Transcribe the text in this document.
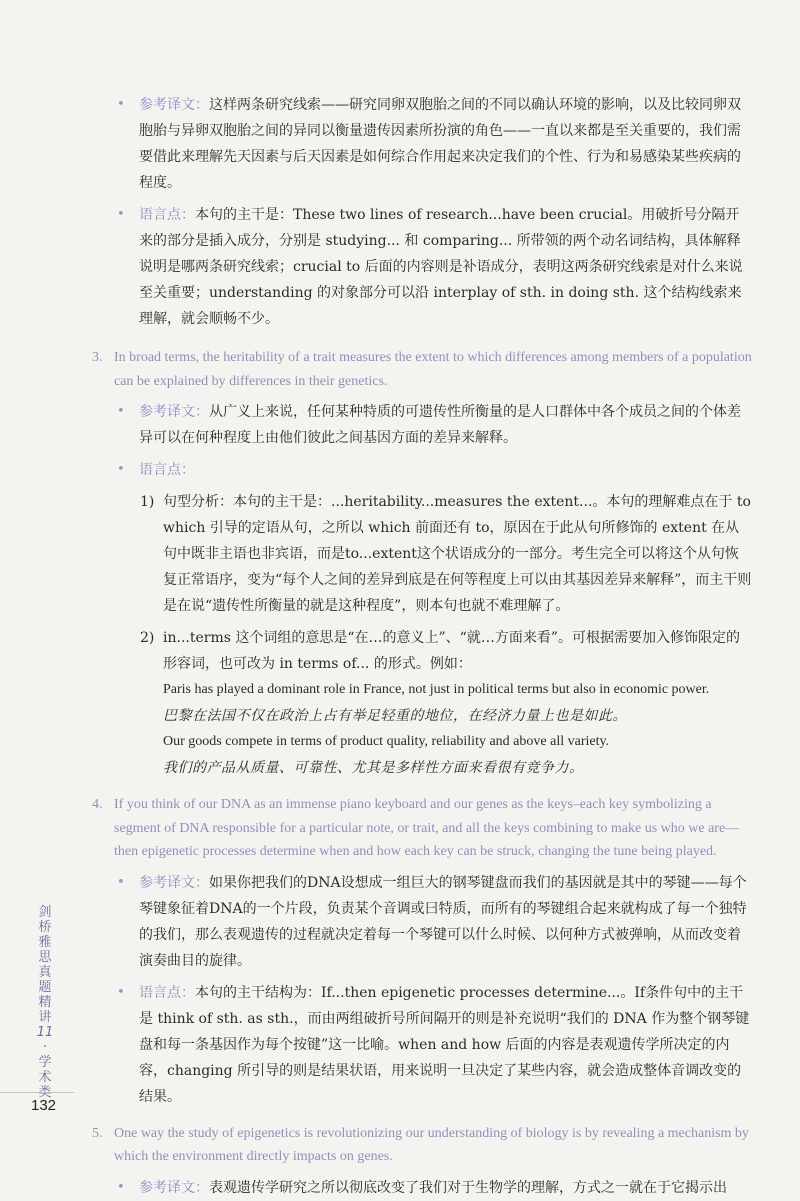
• 参考译文：这样两条研究线索——研究同卵双胞胎之间的不同以确认环境的影响，以及比较同卵双胞胎与异卵双胞胎之间的异同以衡量遗传因素所扮演的角色——一直以来都是至关重要的，我们需要借此来理解先天因素与后天因素是如何综合作用起来决定我们的个性、行为和易感染某些疾病的程度。
• 语言点：本句的主干是：These two lines of research...have been crucial。用破折号分隔开来的部分是插入成分，分别是 studying... 和 comparing... 所带领的两个动名词结构，具体解释说明是哪两条研究线索；crucial to 后面的内容则是补语成分，表明这两条研究线索是对什么来说至关重要；understanding 的对象部分可以沿 interplay of sth. in doing sth. 这个结构线索来理解，就会顺畅不少。
3. In broad terms, the heritability of a trait measures the extent to which differences among members of a population can be explained by differences in their genetics.
• 参考译文：从广义上来说，任何某种特质的可遗传性所衡量的是人口群体中各个成员之间的个体差异可以在何种程度上由他们彼此之间基因方面的差异来解释。
• 语言点：
1) 句型分析：本句的主干是：...heritability...measures the extent...。本句的理解难点在于 to which 引导的定语从句，之所以 which 前面还有 to，原因在于此从句所修饰的 extent 在从句中既非主语也非宾语，而是to...extent这个状语成分的一部分。考生完全可以将这个从句恢复正常语序，变为“每个人之间的差异到底是在何等程度上可以由其基因差异来解释”，而主干则是在说“遗传性所衡量的就是这种程度”，则本句也就不难理解了。
2) in...terms 这个词组的意思是“在…的意义上”、“就…方面来看”。可根据需要加入修饰限定的形容词，也可改为 in terms of... 的形式。例如：
Paris has played a dominant role in France, not just in political terms but also in economic power.
巴黎在法国不仅在政治上占有举足轻重的地位，在经济力量上也是如此。
Our goods compete in terms of product quality, reliability and above all variety.
我们的产品从质量、可靠性、尤其是多样性方面来看很有竞争力。
4. If you think of our DNA as an immense piano keyboard and our genes as the keys–each key symbolizing a segment of DNA responsible for a particular note, or trait, and all the keys combining to make us who we are—then epigenetic processes determine when and how each key can be struck, changing the tune being played.
• 参考译文：如果你把我们的DNA设想成一组巨大的钢琴键盘而我们的基因就是其中的琴键——每个琴键象征着DNA的一个片段，负责某个音调或曰特质，而所有的琴键组合起来就构成了每一个独特的我们，那么表观遗传的过程就决定着每一个琴键可以什么时候、以何种方式被弹响，从而改变着演奏曲目的旋律。
• 语言点：本句的主干结构为：If...then epigenetic processes determine...。If条件句中的主干是 think of sth. as sth.，而由两组破折号所间隔开的则是补充说明“我们的 DNA 作为整个钢琴键盘和每一条基因作为每个按键”这一比喻。when and how 后面的内容是表观遗传学所决定的内容，changing 所引导的则是结果状语，用来说明一旦决定了某些内容，就会造成整体音调改变的结果。
5. One way the study of epigenetics is revolutionizing our understanding of biology is by revealing a mechanism by which the environment directly impacts on genes.
• 参考译文：表观遗传学研究之所以彻底改变了我们对于生物学的理解，方式之一就在于它揭示出
剑
桥
雅
思
真
题
精
讲
11
·
学
术
类
132
